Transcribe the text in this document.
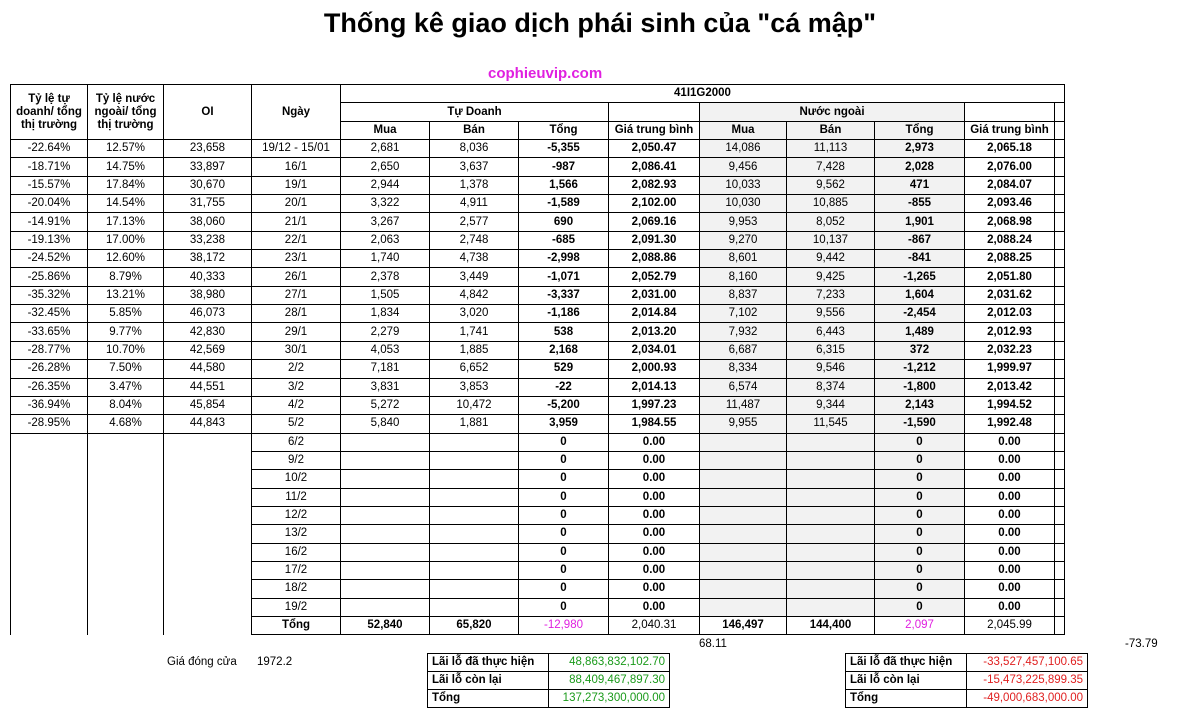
Thống kê giao dịch phái sinh của "cá mập"
cophieuvip.com
Tỷ lệ tự doanh/ tổng thị trường	Tỷ lệ nước ngoài/ tổng thị trường	OI	Ngày	41I1G2000								
				Tự Doanh				Nước ngoài				
				Mua	Bán	Tổng	Giá trung bình	Mua	Bán	Tổng	Giá trung bình	
-22.64%	12.57%	23,658	19/12 - 15/01	2,681	8,036	-5,355	2,050.47	14,086	11,113	2,973	2,065.18	
-18.71%	14.75%	33,897	16/1	2,650	3,637	-987	2,086.41	9,456	7,428	2,028	2,076.00	
-15.57%	17.84%	30,670	19/1	2,944	1,378	1,566	2,082.93	10,033	9,562	471	2,084.07	
-20.04%	14.54%	31,755	20/1	3,322	4,911	-1,589	2,102.00	10,030	10,885	-855	2,093.46	
-14.91%	17.13%	38,060	21/1	3,267	2,577	690	2,069.16	9,953	8,052	1,901	2,068.98	
-19.13%	17.00%	33,238	22/1	2,063	2,748	-685	2,091.30	9,270	10,137	-867	2,088.24	
-24.52%	12.60%	38,172	23/1	1,740	4,738	-2,998	2,088.86	8,601	9,442	-841	2,088.25	
-25.86%	8.79%	40,333	26/1	2,378	3,449	-1,071	2,052.79	8,160	9,425	-1,265	2,051.80	
-35.32%	13.21%	38,980	27/1	1,505	4,842	-3,337	2,031.00	8,837	7,233	1,604	2,031.62	
-32.45%	5.85%	46,073	28/1	1,834	3,020	-1,186	2,014.84	7,102	9,556	-2,454	2,012.03	
-33.65%	9.77%	42,830	29/1	2,279	1,741	538	2,013.20	7,932	6,443	1,489	2,012.93	
-28.77%	10.70%	42,569	30/1	4,053	1,885	2,168	2,034.01	6,687	6,315	372	2,032.23	
-26.28%	7.50%	44,580	2/2	7,181	6,652	529	2,000.93	8,334	9,546	-1,212	1,999.97	
-26.35%	3.47%	44,551	3/2	3,831	3,853	-22	2,014.13	6,574	8,374	-1,800	2,013.42	
-36.94%	8.04%	45,854	4/2	5,272	10,472	-5,200	1,997.23	11,487	9,344	2,143	1,994.52	
-28.95%	4.68%	44,843	5/2	5,840	1,881	3,959	1,984.55	9,955	11,545	-1,590	1,992.48	
			6/2			0	0.00			0	0.00	
			9/2			0	0.00			0	0.00	
			10/2			0	0.00			0	0.00	
			11/2			0	0.00			0	0.00	
			12/2			0	0.00			0	0.00	
			13/2			0	0.00			0	0.00	
			16/2			0	0.00			0	0.00	
			17/2			0	0.00			0	0.00	
			18/2			0	0.00			0	0.00	
			19/2			0	0.00			0	0.00	
			Tổng	52,840	65,820	-12,980	2,040.31	146,497	144,400	2,097	2,045.99	
68.11	-73.79
Giá đóng cửa 1972.2	Lãi lỗ đã thực hiện	48,863,832,102.70
Lãi lỗ còn lại	88,409,467,897.30
Tổng	137,273,300,000.00
Lãi lỗ đã thực hiện	-33,527,457,100.65
Lãi lỗ còn lại	-15,473,225,899.35
Tổng	-49,000,683,000.00
